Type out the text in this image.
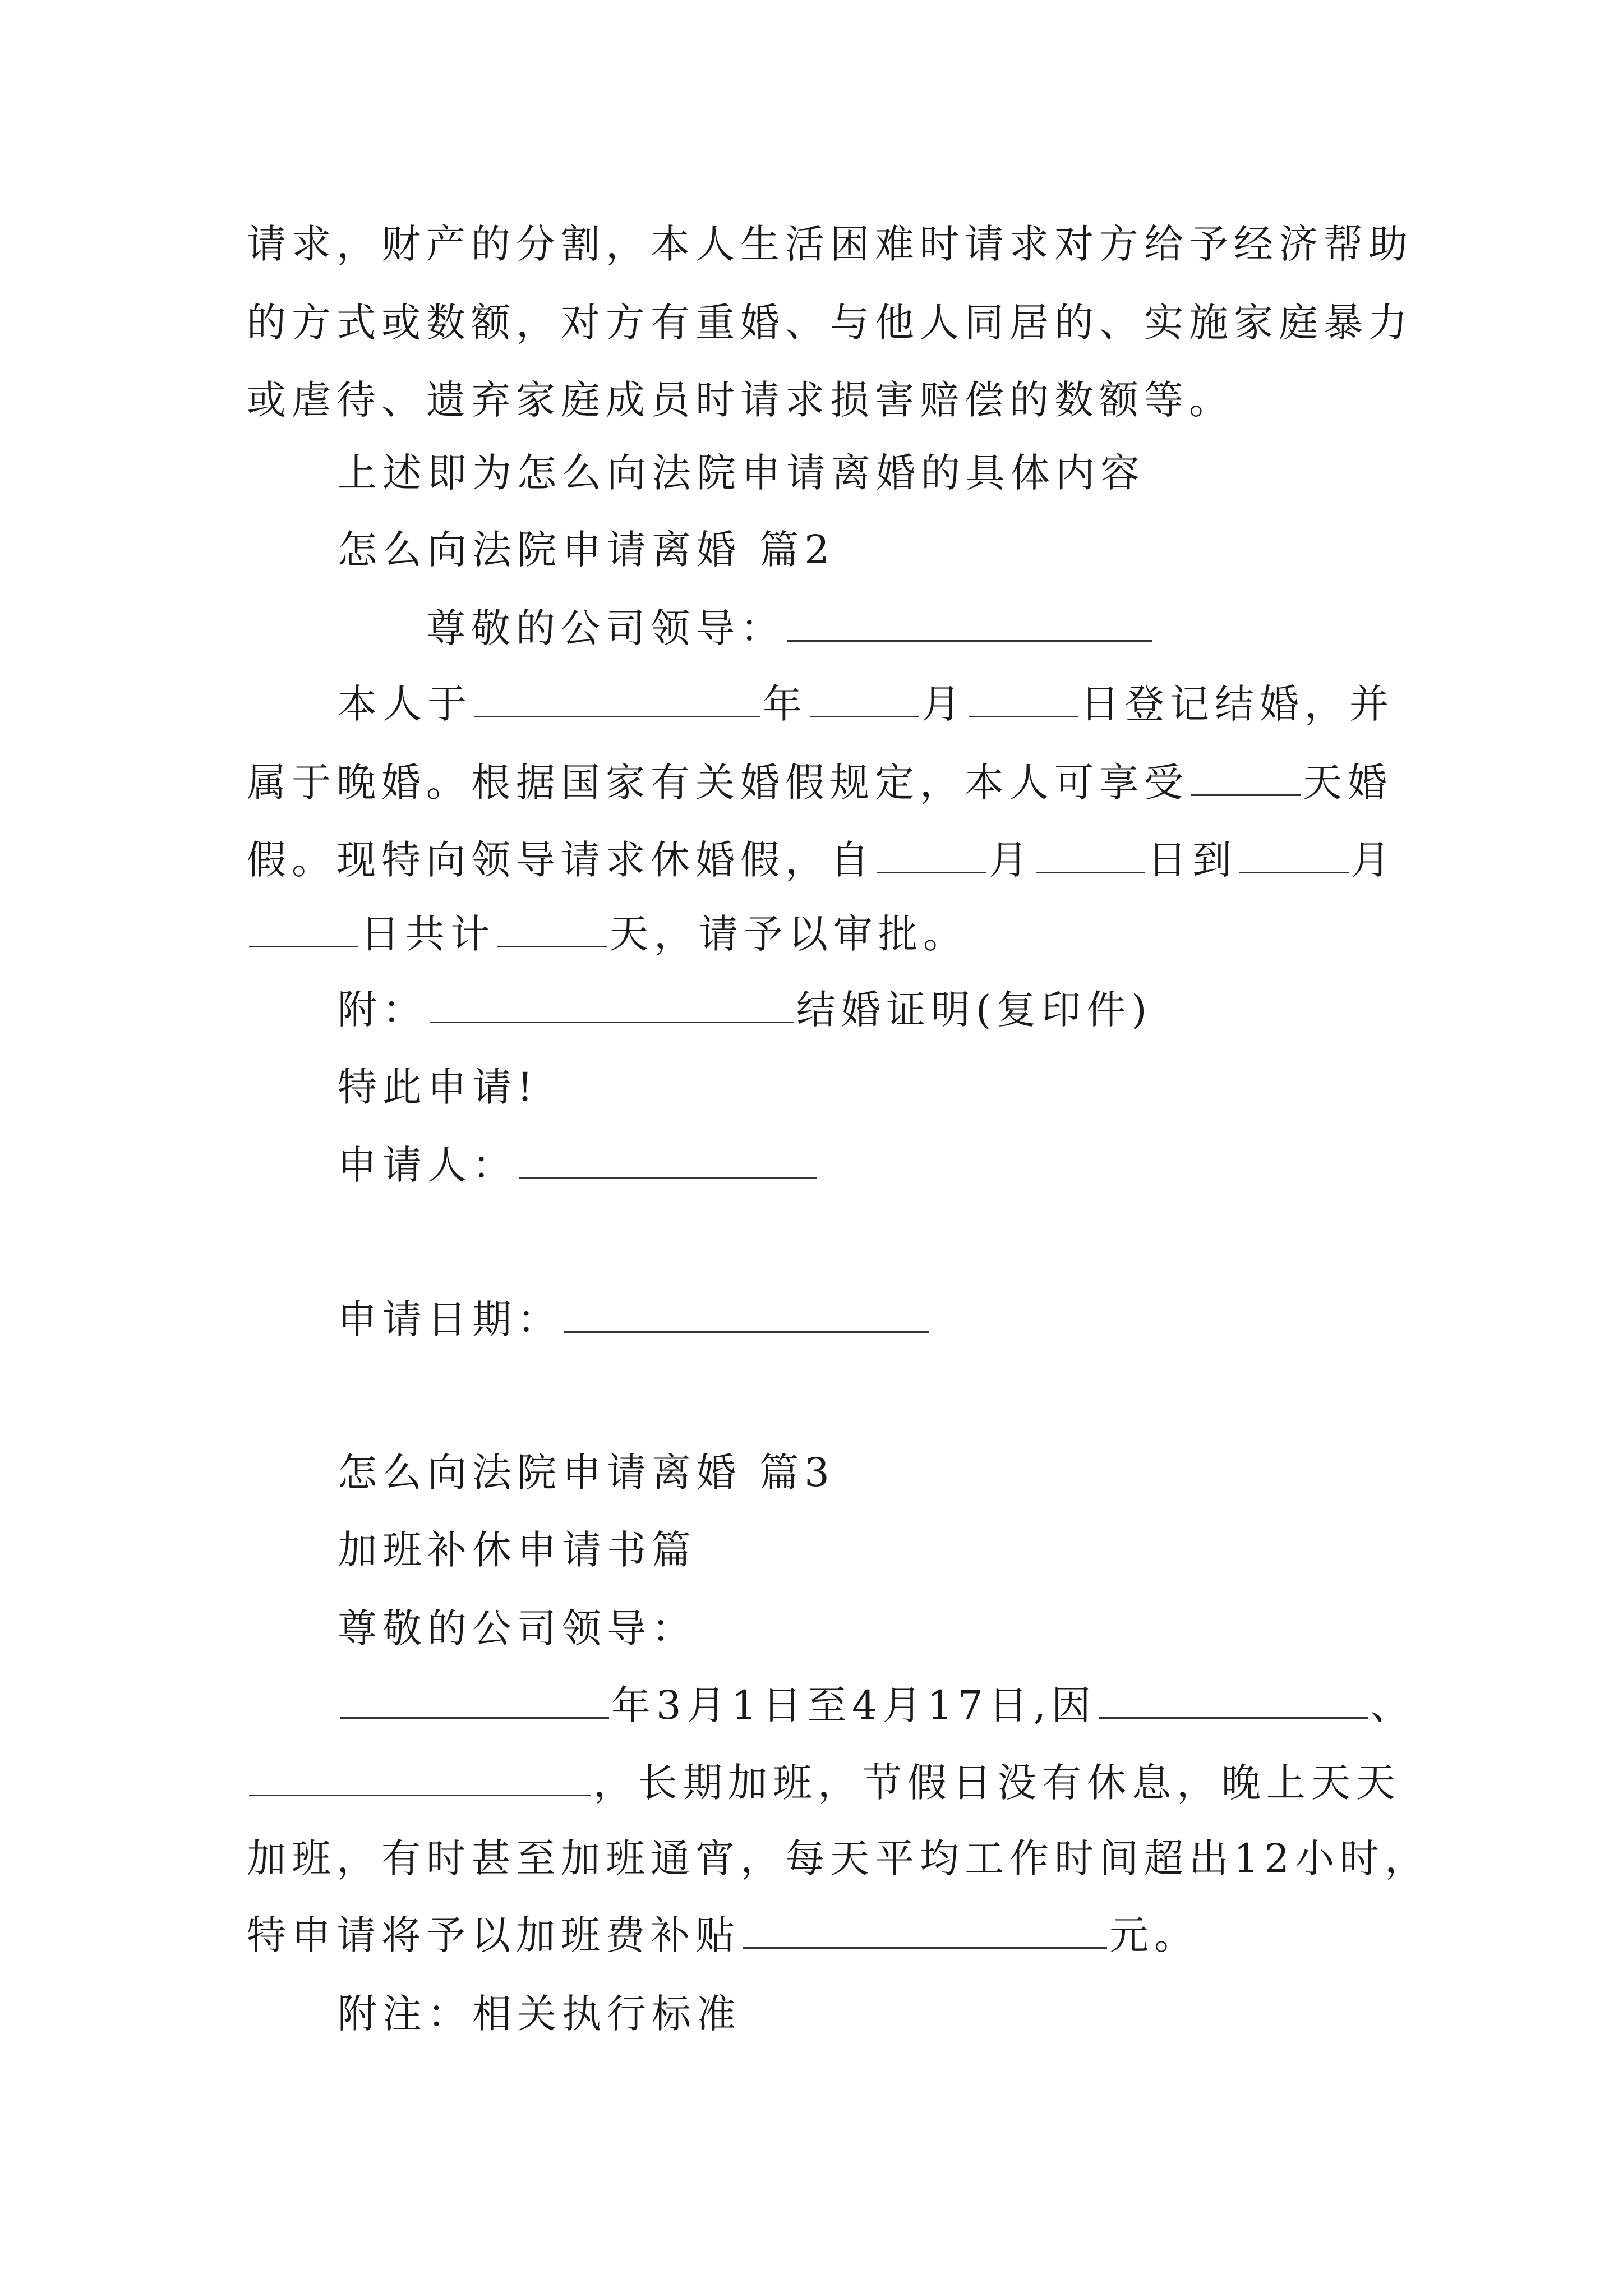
请求，财产的分割，本人生活困难时请求对方给予经济帮助
的方式或数额，对方有重婚、与他人同居的、实施家庭暴力
或虐待、遗弃家庭成员时请求损害赔偿的数额等。
上述即为怎么向法院申请离婚的具体内容
怎么向法院申请离婚 篇2
尊敬的公司领导：
本人于	年	月	日登记结婚，并
属于晚婚。根据国家有关婚假规定，本人可享受	天婚
假。现特向领导请求休婚假，自	月	日到	月
日共计	天，请予以审批。
附：	结婚证明(复印件)
特此申请!
申请人：
申请日期：
怎么向法院申请离婚 篇3
加班补休申请书篇
尊敬的公司领导：
年3月1日至4月17日,因	、
，长期加班，节假日没有休息，晚上天天
加班，有时甚至加班通宵，每天平均工作时间超出12小时，
特申请将予以加班费补贴	元。
附注：相关执行标准
